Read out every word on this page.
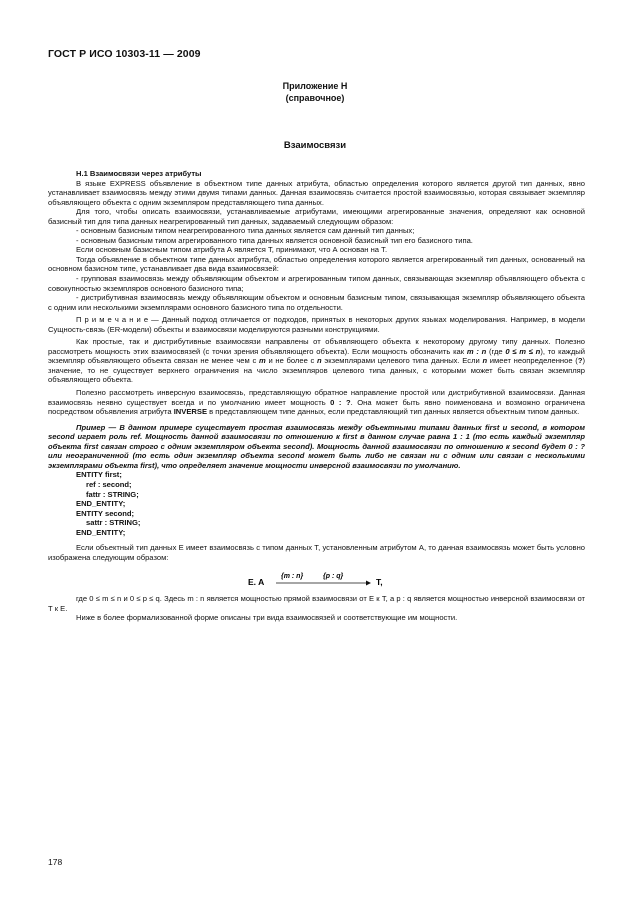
ГОСТ Р ИСО 10303-11 — 2009
Приложение Н
(справочное)
Взаимосвязи

Н.1 Взаимосвязи через атрибуты

В языке EXPRESS объявление в объектном типе данных атрибута, областью определения которого является другой тип данных, явно устанавливает взаимосвязь между этими двумя типами данных. Данная взаимосвязь считается простой взаимосвязью, которая связывает экземпляр объявляющего объекта с одним экземпляром представляющего типа данных.

Для того, чтобы описать взаимосвязи, устанавливаемые атрибутами, имеющими агрегированные значения, определяют как основной базисный тип для типа данных неагрегированный тип данных, задаваемый следующим образом:

- основным базисным типом неагрегированного типа данных является сам данный тип данных;

- основным базисным типом агрегированного типа данных является основной базисный тип его базисного типа.

Если основным базисным типом атрибута А является Т, принимают, что А основан на Т.

Тогда объявление в объектном типе данных атрибута, областью определения которого является агрегированный тип данных, основанный на основном базисном типе, устанавливает два вида взаимосвязей:

- групповая взаимосвязь между объявляющим объектом и агрегированным типом данных, связывающая экземпляр объявляющего объекта с совокупностью экземпляров основного базисного типа;

- дистрибутивная взаимосвязь между объявляющим объектом и основным базисным типом, связывающая экземпляр объявляющего объекта с одним или несколькими экземплярами основного базисного типа по отдельности.

П р и м е ч а н и е — Данный подход отличается от подходов, принятых в некоторых других языках моделирования. Например, в модели Сущность-связь (ER-модели) объекты и взаимосвязи моделируются разными конструкциями.

Как простые, так и дистрибутивные взаимосвязи направлены от объявляющего объекта к некоторому другому типу данных. Полезно рассмотреть мощность этих взаимосвязей (с точки зрения объявляющего объекта). Если мощность обозначить как m : n (где 0 ≤ m ≤ n), то каждый экземпляр объявляющего объекта связан не менее чем с m и не более с n экземплярами целевого типа данных. Если n имеет неопределенное (?) значение, то не существует верхнего ограничения на число экземпляров целевого типа данных, с которыми может быть связан экземпляр объявляющего объекта.

Полезно рассмотреть инверсную взаимосвязь, представляющую обратное направление простой или дистрибутивной взаимосвязи. Данная взаимосвязь неявно существует всегда и по умолчанию имеет мощность 0 : ?. Она может быть явно поименована и возможно ограничена посредством объявления атрибута INVERSE в представляющем типе данных, если представляющий тип данных является объектным типом данных.

Пример — В данном примере существует простая взаимосвязь между объектными типами данных first и second, в котором second играет роль ref. Мощность данной взаимосвязи по отношению к first в данном случае равна 1 : 1 (то есть каждый экземпляр объекта first связан строго с одним экземпляром объекта second). Мощность данной взаимосвязи по отношению к second будет 0 : ? или неограниченной (то есть один экземпляр объекта second может быть либо не связан ни с одним или связан с несколькими экземплярами объекта first), что определяет значение мощности инверсной взаимосвязи по умолчанию.

ENTITY first;
ref : second;
fattr : STRING;
END_ENTITY;
ENTITY second;
sattr : STRING;
END_ENTITY;

Если объектный тип данных Е имеет взаимосвязь с типом данных Т, установленным атрибутом А, то данная взаимосвязь может быть условно изображена следующим образом:

E. A
{m : n}	{p : q}
T,

где 0 ≤ m ≤ n и 0 ≤ p ≤ q. Здесь m : n является мощностью прямой взаимосвязи от Е к Т, а p : q является мощностью инверсной взаимосвязи от Т к Е.

Ниже в более формализованной форме описаны три вида взаимосвязей и соответствующие им мощности.

178
